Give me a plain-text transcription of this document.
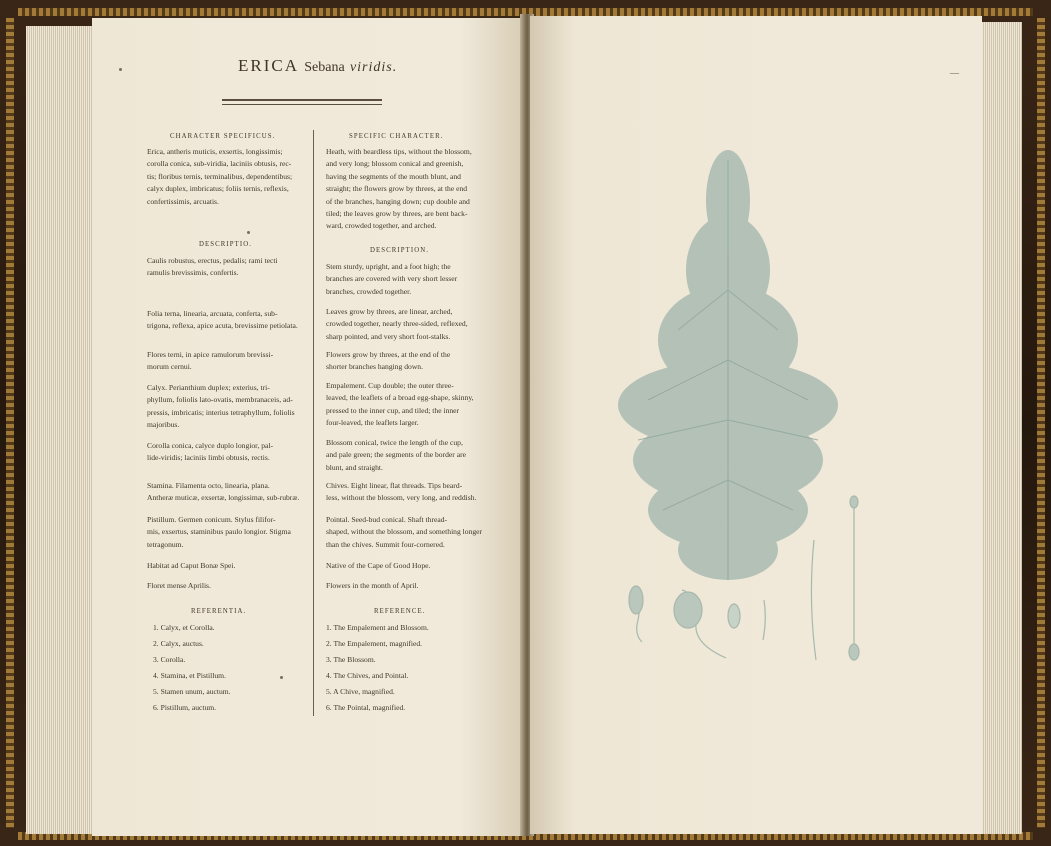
ERICA Sebana viridis.
CHARACTER SPECIFICUS.
Erica, antheris muticis, exsertis, longissimis;
corolla conica, sub-viridia, laciniis obtusis, rec-
tis; floribus ternis, terminalibus, dependentibus;
calyx duplex, imbricatus; foliis ternis, reflexis,
confertissimis, arcuatis.
DESCRIPTIO.
Caulis robustus, erectus, pedalis; rami tecti
ramulis brevissimis, confertis.
Folia terna, linearia, arcuata, conferta, sub-
trigona, reflexa, apice acuta, brevissime petiolata.
Flores terni, in apice ramulorum brevissi-
morum cernui.
Calyx. Perianthium duplex; exterius, tri-
phyllum, foliolis lato-ovatis, membranaceis, ad-
pressis, imbricatis; interius tetraphyllum, foliolis
majoribus.
Corolla conica, calyce duplo longior, pal-
lide-viridis; laciniis limbi obtusis, rectis.
Stamina. Filamenta octo, linearia, plana.
Antheræ muticæ, exsertæ, longissimæ, sub-rubræ.
Pistillum. Germen conicum. Stylus filifor-
mis, exsertus, staminibus paulo longior. Stigma
tetragonum.
Habitat ad Caput Bonæ Spei.
Floret mense Aprilis.
REFERENTIA.
1. Calyx, et Corolla.
2. Calyx, auctus.
3. Corolla.
4. Stamina, et Pistillum.
5. Stamen unum, auctum.
6. Pistillum, auctum.
SPECIFIC CHARACTER.
Heath, with beardless tips, without the blossom,
and very long; blossom conical and greenish,
having the segments of the mouth blunt, and
straight; the flowers grow by threes, at the end
of the branches, hanging down; cup double and
tiled; the leaves grow by threes, are bent back-
ward, crowded together, and arched.
DESCRIPTION.
Stem sturdy, upright, and a foot high; the
branches are covered with very short lesser
branches, crowded together.
Leaves grow by threes, are linear, arched,
crowded together, nearly three-sided, reflexed,
sharp pointed, and very short foot-stalks.
Flowers grow by threes, at the end of the
shorter branches hanging down.
Empalement. Cup double; the outer three-
leaved, the leaflets of a broad egg-shape, skinny,
pressed to the inner cup, and tiled; the inner
four-leaved, the leaflets larger.
Blossom conical, twice the length of the cup,
and pale green; the segments of the border are
blunt, and straight.
Chives. Eight linear, flat threads. Tips beard-
less, without the blossom, very long, and reddish.
Pointal. Seed-bud conical. Shaft thread-
shaped, without the blossom, and something longer
than the chives. Summit four-cornered.
Native of the Cape of Good Hope.
Flowers in the month of April.
REFERENCE.
1. The Empalement and Blossom.
2. The Empalement, magnified.
3. The Blossom.
4. The Chives, and Pointal.
5. A Chive, magnified.
6. The Pointal, magnified.
—
